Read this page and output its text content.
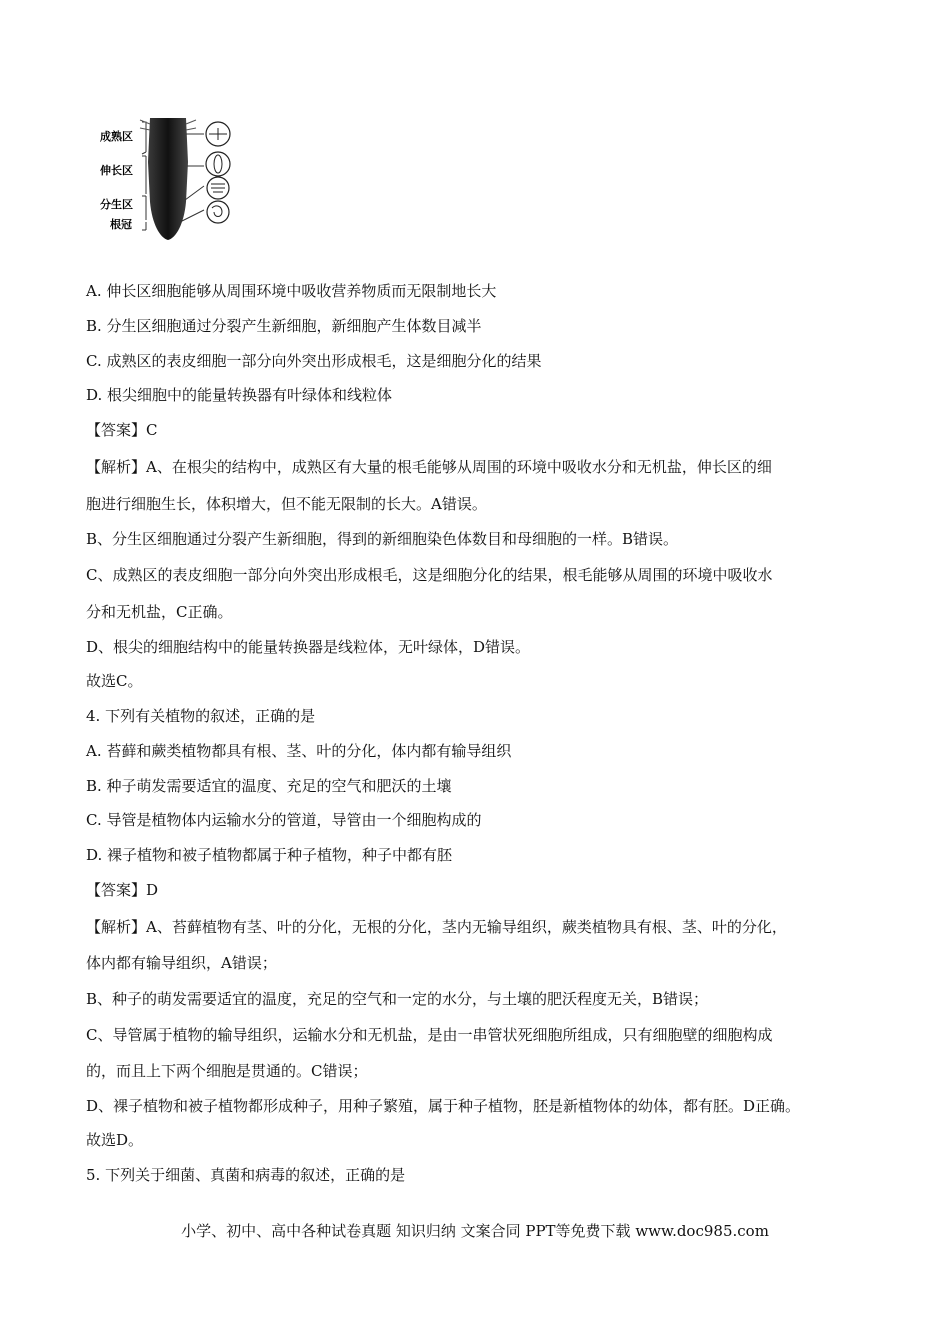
成熟区
伸长区
分生区
根冠
A. 伸长区细胞能够从周围环境中吸收营养物质而无限制地长大
B. 分生区细胞通过分裂产生新细胞，新细胞产生体数目减半
C. 成熟区的表皮细胞一部分向外突出形成根毛，这是细胞分化的结果
D. 根尖细胞中的能量转换器有叶绿体和线粒体
【答案】C
【解析】A、在根尖的结构中，成熟区有大量的根毛能够从周围的环境中吸收水分和无机盐，伸长区的细
胞进行细胞生长，体积增大，但不能无限制的长大。A错误。
B、分生区细胞通过分裂产生新细胞，得到的新细胞染色体数目和母细胞的一样。B错误。
C、成熟区的表皮细胞一部分向外突出形成根毛，这是细胞分化的结果，根毛能够从周围的环境中吸收水
分和无机盐，C正确。
D、根尖的细胞结构中的能量转换器是线粒体，无叶绿体，D错误。
故选C。
4. 下列有关植物的叙述，正确的是
A. 苔藓和蕨类植物都具有根、茎、叶的分化，体内都有输导组织
B. 种子萌发需要适宜的温度、充足的空气和肥沃的土壤
C. 导管是植物体内运输水分的管道，导管由一个细胞构成的
D. 裸子植物和被子植物都属于种子植物，种子中都有胚
【答案】D
【解析】A、苔藓植物有茎、叶的分化，无根的分化，茎内无输导组织，蕨类植物具有根、茎、叶的分化，
体内都有输导组织，A错误；
B、种子的萌发需要适宜的温度，充足的空气和一定的水分，与土壤的肥沃程度无关，B错误；
C、导管属于植物的输导组织，运输水分和无机盐，是由一串管状死细胞所组成，只有细胞壁的细胞构成
的，而且上下两个细胞是贯通的。C错误；
D、裸子植物和被子植物都形成种子，用种子繁殖，属于种子植物，胚是新植物体的幼体，都有胚。D正确。
故选D。
5. 下列关于细菌、真菌和病毒的叙述，正确的是
小学、初中、高中各种试卷真题 知识归纳 文案合同 PPT等免费下载 www.doc985.com
